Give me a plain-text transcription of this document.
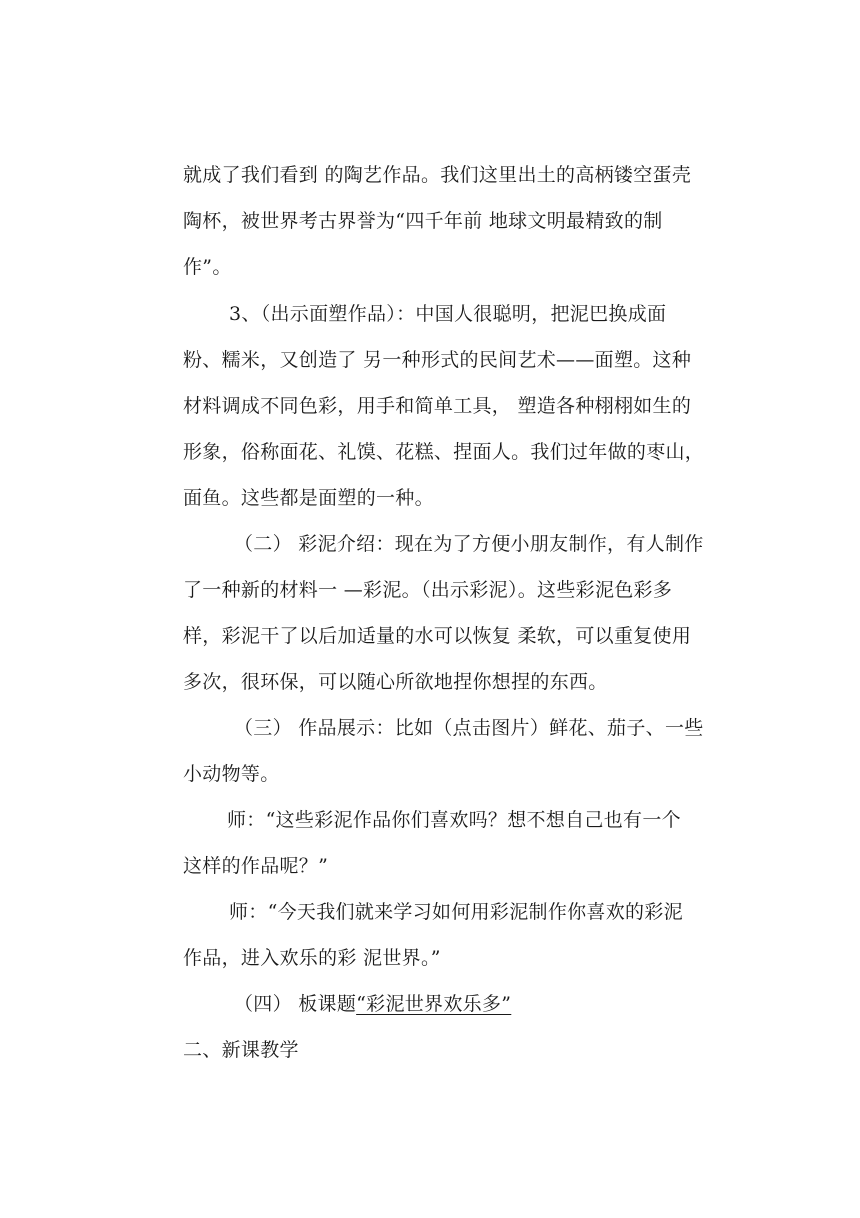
就成了我们看到 的陶艺作品。我们这里出土的高柄镂空蛋壳
陶杯，被世界考古界誉为“四千年前 地球文明最精致的制
作”。
3、（出示面塑作品）：中国人很聪明，把泥巴换成面
粉、糯米，又创造了 另一种形式的民间艺术——面塑。这种
材料调成不同色彩，用手和简单工具， 塑造各种栩栩如生的
形象，俗称面花、礼馍、花糕、捏面人。我们过年做的枣山，
面鱼。这些都是面塑的一种。
（二） 彩泥介绍：现在为了方便小朋友制作，有人制作
了一种新的材料一 —彩泥。（出示彩泥）。这些彩泥色彩多
样，彩泥干了以后加适量的水可以恢复 柔软，可以重复使用
多次，很环保，可以随心所欲地捏你想捏的东西。
（三） 作品展示：比如（点击图片）鲜花、茄子、一些
小动物等。
师：“这些彩泥作品你们喜欢吗？想不想自己也有一个
这样的作品呢？”
师：“今天我们就来学习如何用彩泥制作你喜欢的彩泥
作品，进入欢乐的彩 泥世界。”
（四） 板课题“彩泥世界欢乐多”
二、新课教学
